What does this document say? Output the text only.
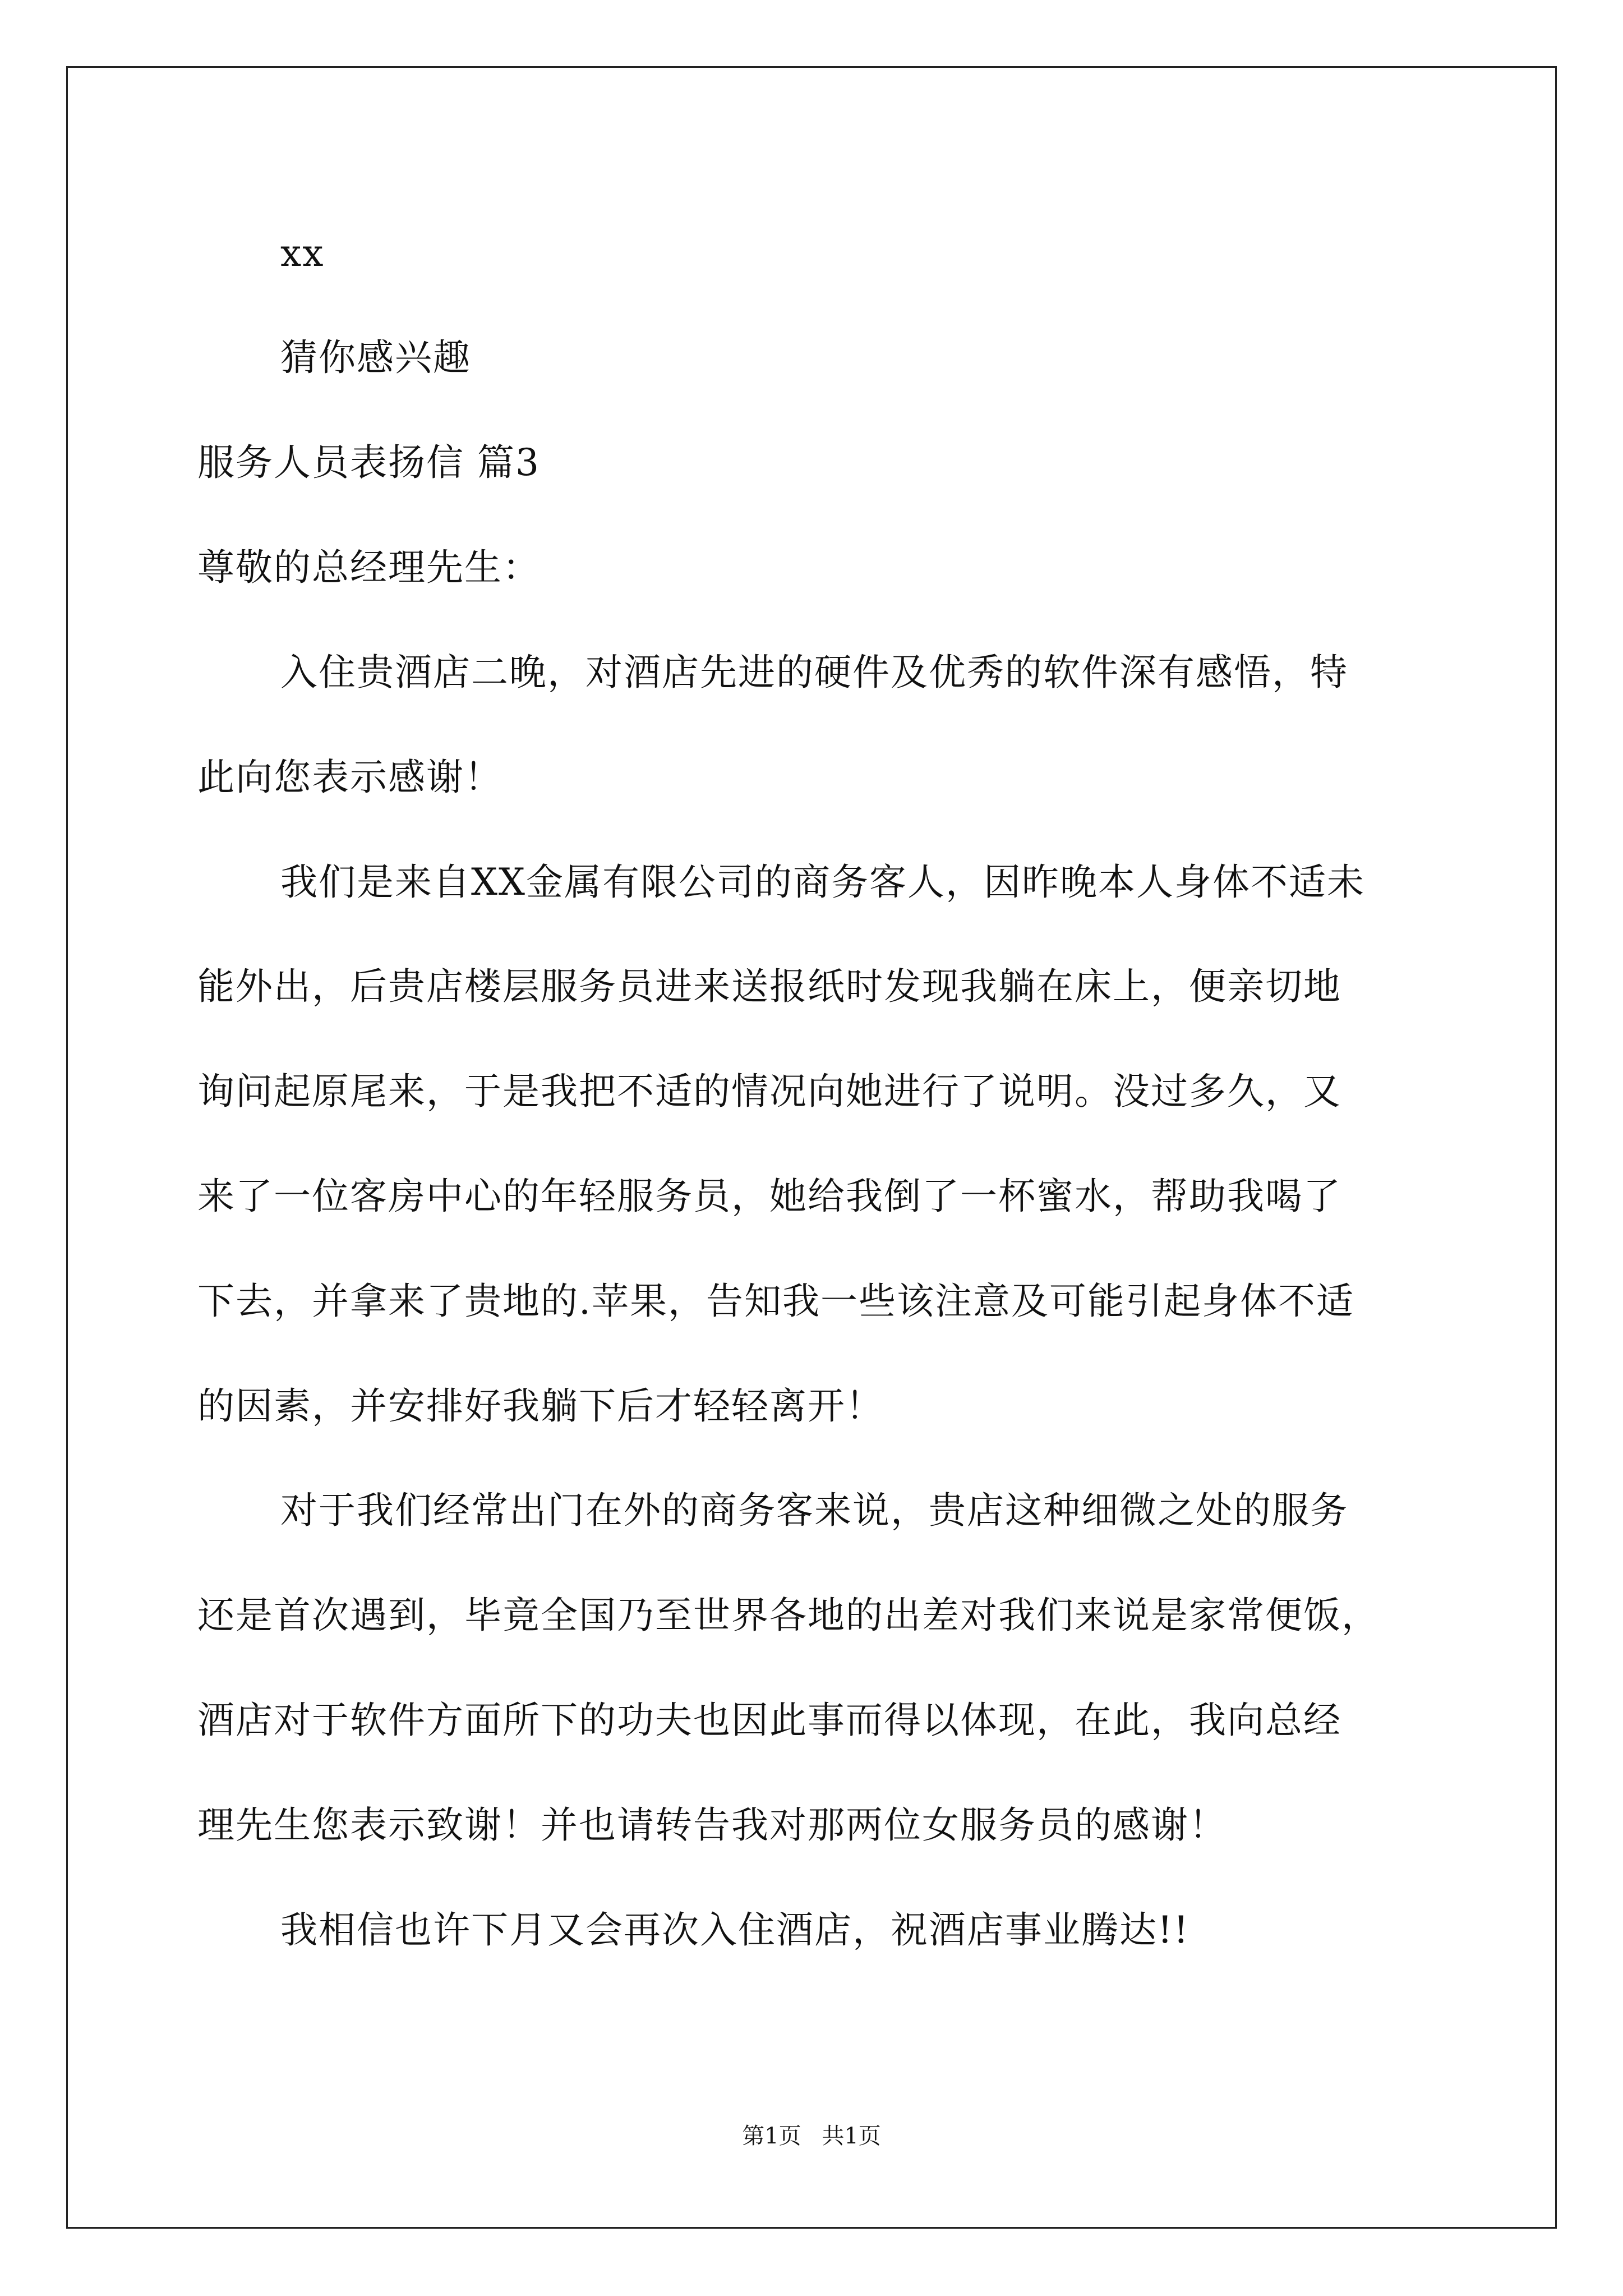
xx
猜你感兴趣
服务人员表扬信 篇3
尊敬的总经理先生：
入住贵酒店二晚，对酒店先进的硬件及优秀的软件深有感悟，特
此向您表示感谢！
我们是来自XX金属有限公司的商务客人，因昨晚本人身体不适未
能外出，后贵店楼层服务员进来送报纸时发现我躺在床上，便亲切地
询问起原尾来，于是我把不适的情况向她进行了说明。没过多久，又
来了一位客房中心的年轻服务员，她给我倒了一杯蜜水，帮助我喝了
下去，并拿来了贵地的.苹果，告知我一些该注意及可能引起身体不适
的因素，并安排好我躺下后才轻轻离开！
对于我们经常出门在外的商务客来说，贵店这种细微之处的服务
还是首次遇到，毕竟全国乃至世界各地的出差对我们来说是家常便饭，
酒店对于软件方面所下的功夫也因此事而得以体现，在此，我向总经
理先生您表示致谢！并也请转告我对那两位女服务员的感谢！
我相信也许下月又会再次入住酒店，祝酒店事业腾达!!
第1页 共1页
